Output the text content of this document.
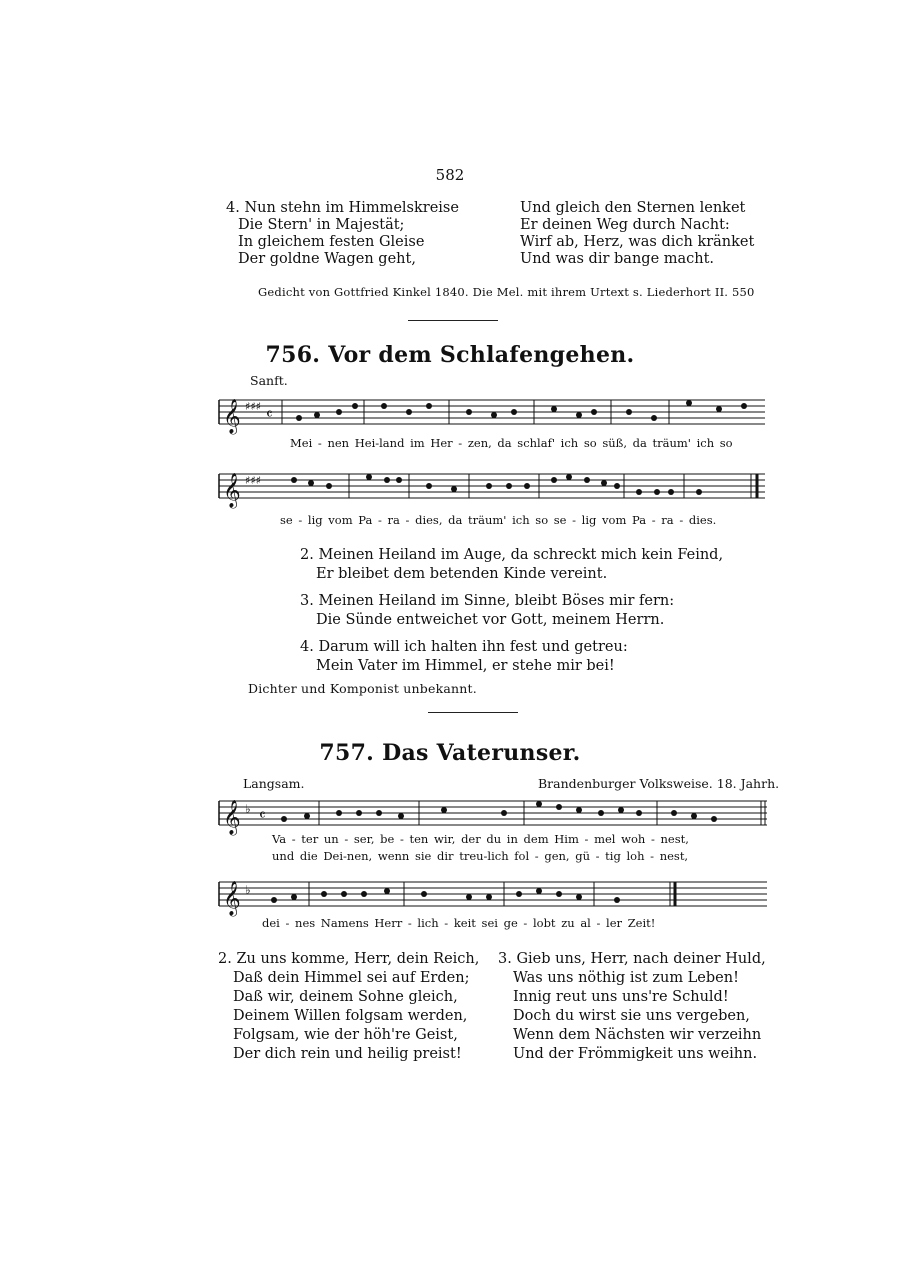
582
4. Nun stehn im Himmelskreise
Die Stern' in Majestät;
In gleichem festen Gleise
Der goldne Wagen geht,
Und gleich den Sternen lenket
Er deinen Weg durch Nacht:
Wirf ab, Herz, was dich kränket
Und was dir bange macht.
Gedicht von Gottfried Kinkel 1840. Die Mel. mit ihrem Urtext s. Liederhort II. 550
756. Vor dem Schlafengehen.
Sanft.
𝄞 ♯♯♯ 𝄴
Mei - nen Hei-land im Her - zen, da schlaf' ich so süß, da träum' ich so
𝄞 ♯♯♯
se - lig vom Pa - ra - dies, da träum' ich so se - lig vom Pa - ra - dies.
2. Meinen Heiland im Auge, da schreckt mich kein Feind,
Er bleibet dem betenden Kinde vereint.
3. Meinen Heiland im Sinne, bleibt Böses mir fern:
Die Sünde entweichet vor Gott, meinem Herrn.
4. Darum will ich halten ihn fest und getreu:
Mein Vater im Himmel, er stehe mir bei!
Dichter und Komponist unbekannt.
757. Das Vaterunser.
Langsam.	Brandenburger Volksweise. 18. Jahrh.
𝄞 ♭ 𝄴
Va - ter un - ser, be - ten wir, der du in dem Him - mel woh - nest,
und die Dei-nen, wenn sie dir treu-lich fol - gen, gü - tig loh - nest,
𝄞 ♭
dei - nes Namens Herr - lich - keit sei ge - lobt zu al - ler Zeit!
2. Zu uns komme, Herr, dein Reich,
Daß dein Himmel sei auf Erden;
Daß wir, deinem Sohne gleich,
Deinem Willen folgsam werden,
Folgsam, wie der höh're Geist,
Der dich rein und heilig preist!
3. Gieb uns, Herr, nach deiner Huld,
Was uns nöthig ist zum Leben!
Innig reut uns uns're Schuld!
Doch du wirst sie uns vergeben,
Wenn dem Nächsten wir verzeihn
Und der Frömmigkeit uns weihn.
